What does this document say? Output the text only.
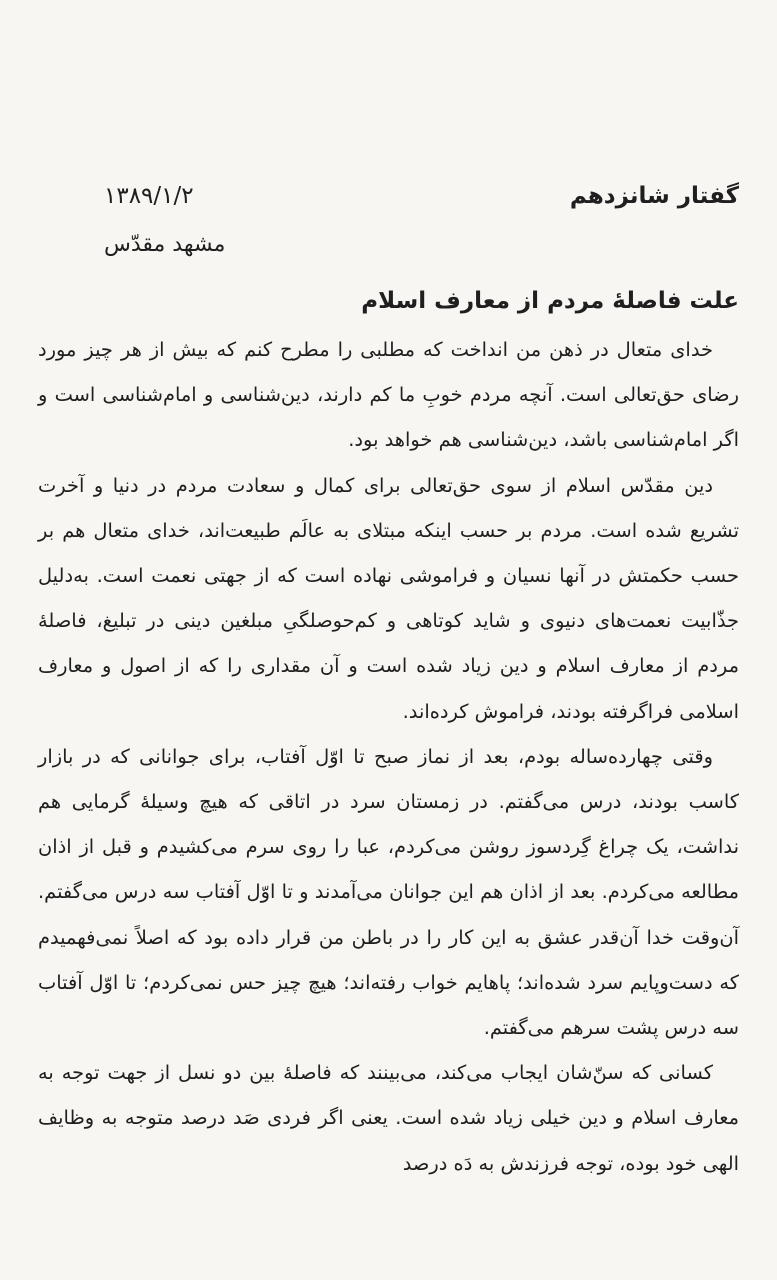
گفتار شانزدهم
۱۳۸۹/۱/۲
مشهد مقدّس
علت فاصلهٔ مردم از معارف اسلام

خدای متعال در ذهن من انداخت که مطلبی را مطرح کنم که بیش از هر چیز مورد رضای حق‌تعالی است. آنچه مردم خوبِ ما کم دارند، دین‌شناسی و امام‌شناسی است و اگر امام‌شناسی باشد، دین‌شناسی هم خواهد بود.

دین مقدّس اسلام از سوی حق‌تعالی برای کمال و سعادت مردم در دنیا و آخرت تشریع شده است. مردم بر حسب اینکه مبتلای به عالَم طبیعت‌اند، خدای متعال هم بر حسب حکمتش در آنها نسیان و فراموشی نهاده است که از جهتی نعمت است. به‌دلیل جذّابیت نعمت‌های دنیوی و شاید کوتاهی و کم‌حوصلگیِ مبلغین دینی در تبلیغ، فاصلهٔ مردم از معارف اسلام و دین زیاد شده است و آن مقداری را که از اصول و معارف اسلامی فراگرفته بودند، فراموش کرده‌اند.

وقتی چهارده‌ساله بودم، بعد از نماز صبح تا اوّل آفتاب، برای جوانانی که در بازار کاسب بودند، درس می‌گفتم. در زمستان سرد در اتاقی که هیچ وسیلهٔ گرمایی هم نداشت، یک چراغ گِردسوز روشن می‌کردم، عبا را روی سرم می‌کشیدم و قبل از اذان مطالعه می‌کردم. بعد از اذان هم این جوانان می‌آمدند و تا اوّل آفتاب سه درس می‌گفتم. آن‌وقت خدا آن‌قدر عشق به این کار را در باطن من قرار داده بود که اصلاً نمی‌فهمیدم که دست‌وپایم سرد شده‌اند؛ پاهایم خواب رفته‌اند؛ هیچ چیز حس نمی‌کردم؛ تا اوّل آفتاب سه درس پشت سرهم می‌گفتم.

کسانی که سنّ‌شان ایجاب می‌کند، می‌بینند که فاصلهٔ بین دو نسل از جهت توجه به معارف اسلام و دین خیلی زیاد شده است. یعنی اگر فردی صَد درصد متوجه به وظایف الهی خود بوده، توجه فرزندش به دَه درصد
